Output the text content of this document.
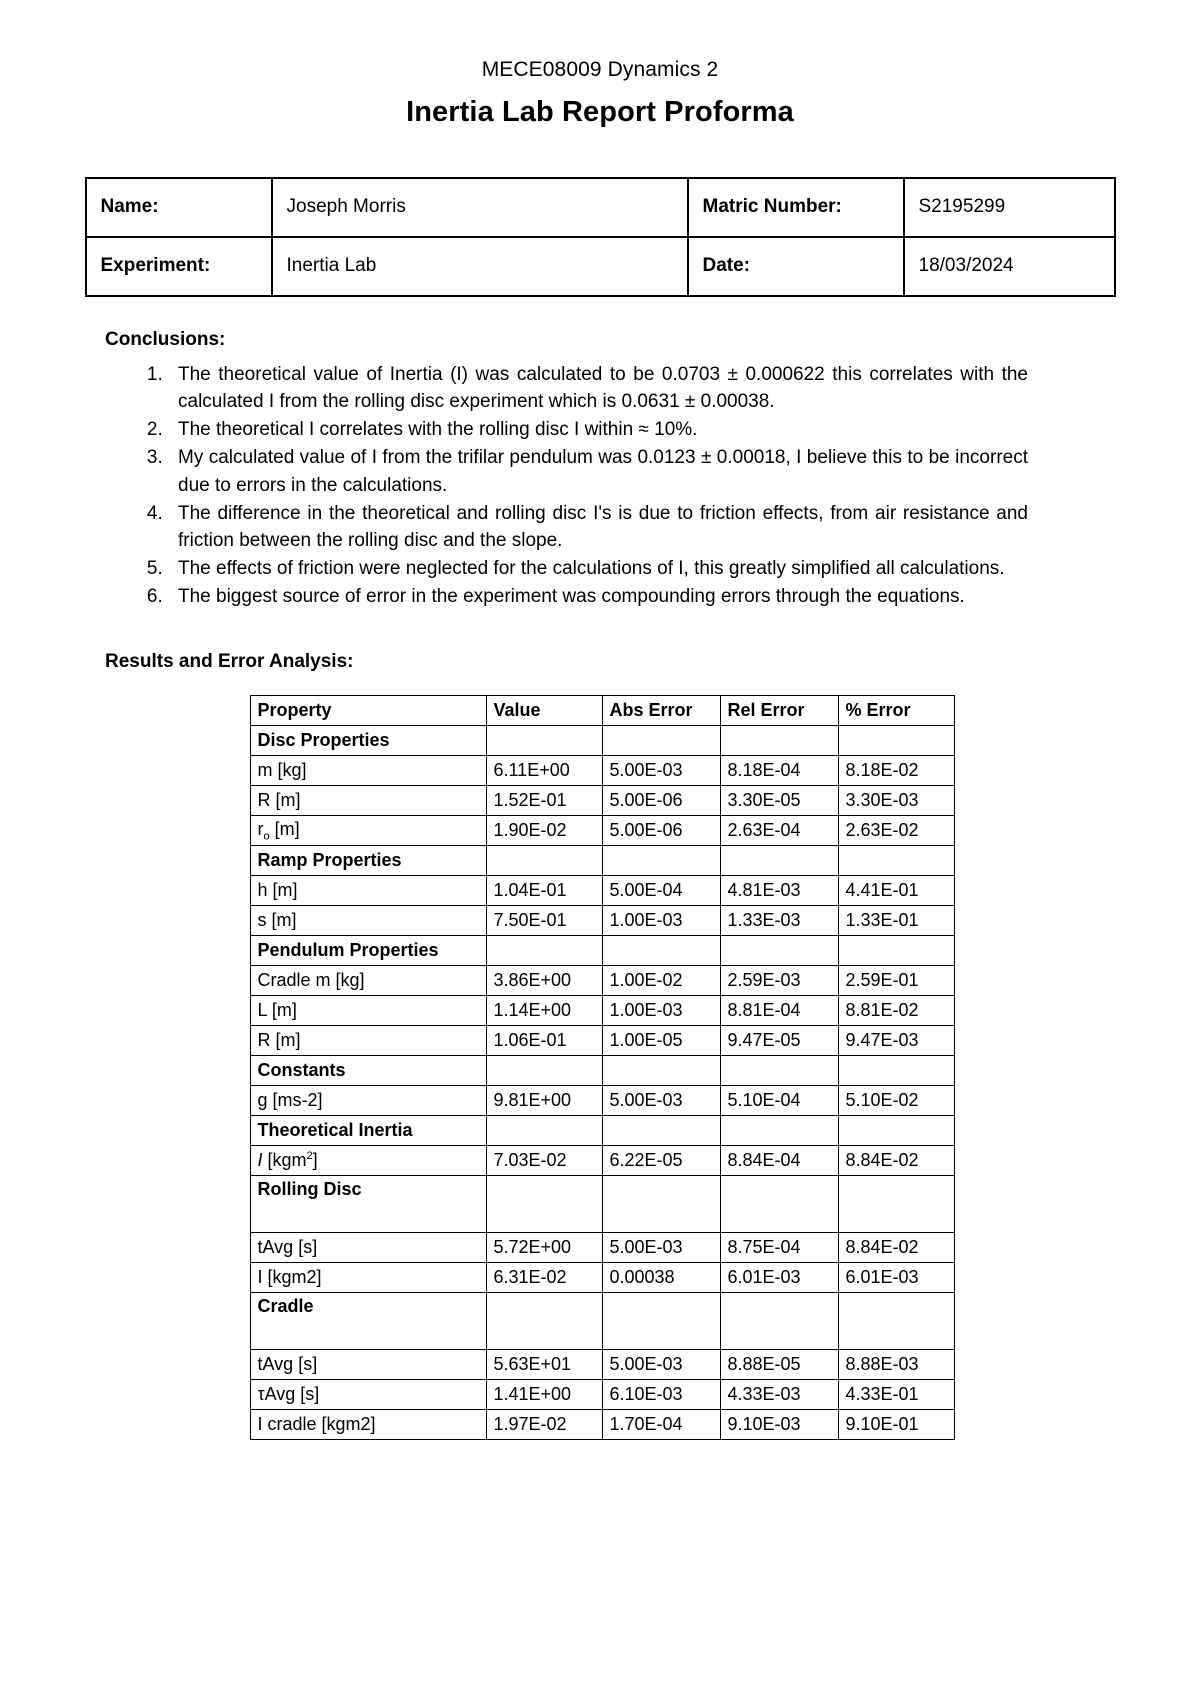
MECE08009 Dynamics 2
Inertia Lab Report Proforma
Name:	Joseph Morris	Matric Number:	S2195299
Experiment:	Inertia Lab	Date:	18/03/2024
Conclusions:
1. The theoretical value of Inertia (I) was calculated to be 0.0703 ± 0.000622 this correlates with the calculated I from the rolling disc experiment which is 0.0631 ± 0.00038.
2. The theoretical I correlates with the rolling disc I within ≈ 10%.
3. My calculated value of I from the trifilar pendulum was 0.0123 ± 0.00018, I believe this to be incorrect due to errors in the calculations.
4. The difference in the theoretical and rolling disc I's is due to friction effects, from air resistance and friction between the rolling disc and the slope.
5. The effects of friction were neglected for the calculations of I, this greatly simplified all calculations.
6. The biggest source of error in the experiment was compounding errors through the equations.
Results and Error Analysis:
Property	Value	Abs Error	Rel Error	% Error
Disc Properties				
m [kg]	6.11E+00	5.00E-03	8.18E-04	8.18E-02
R [m]	1.52E-01	5.00E-06	3.30E-05	3.30E-03
$r_o$ [m]	1.90E-02	5.00E-06	2.63E-04	2.63E-02
Ramp Properties				
h [m]	1.04E-01	5.00E-04	4.81E-03	4.41E-01
s [m]	7.50E-01	1.00E-03	1.33E-03	1.33E-01
Pendulum Properties				
Cradle m [kg]	3.86E+00	1.00E-02	2.59E-03	2.59E-01
L [m]	1.14E+00	1.00E-03	8.81E-04	8.81E-02
R [m]	1.06E-01	1.00E-05	9.47E-05	9.47E-03
Constants				
g [ms-2]	9.81E+00	5.00E-03	5.10E-04	5.10E-02
Theoretical Inertia				
I [kgm$^2$]	7.03E-02	6.22E-05	8.84E-04	8.84E-02
Rolling Disc				
tAvg [s]	5.72E+00	5.00E-03	8.75E-04	8.84E-02
I [kgm2]	6.31E-02	0.00038	6.01E-03	6.01E-03
Cradle				
tAvg [s]	5.63E+01	5.00E-03	8.88E-05	8.88E-03
τAvg [s]	1.41E+00	6.10E-03	4.33E-03	4.33E-01
I cradle [kgm2]	1.97E-02	1.70E-04	9.10E-03	9.10E-01
